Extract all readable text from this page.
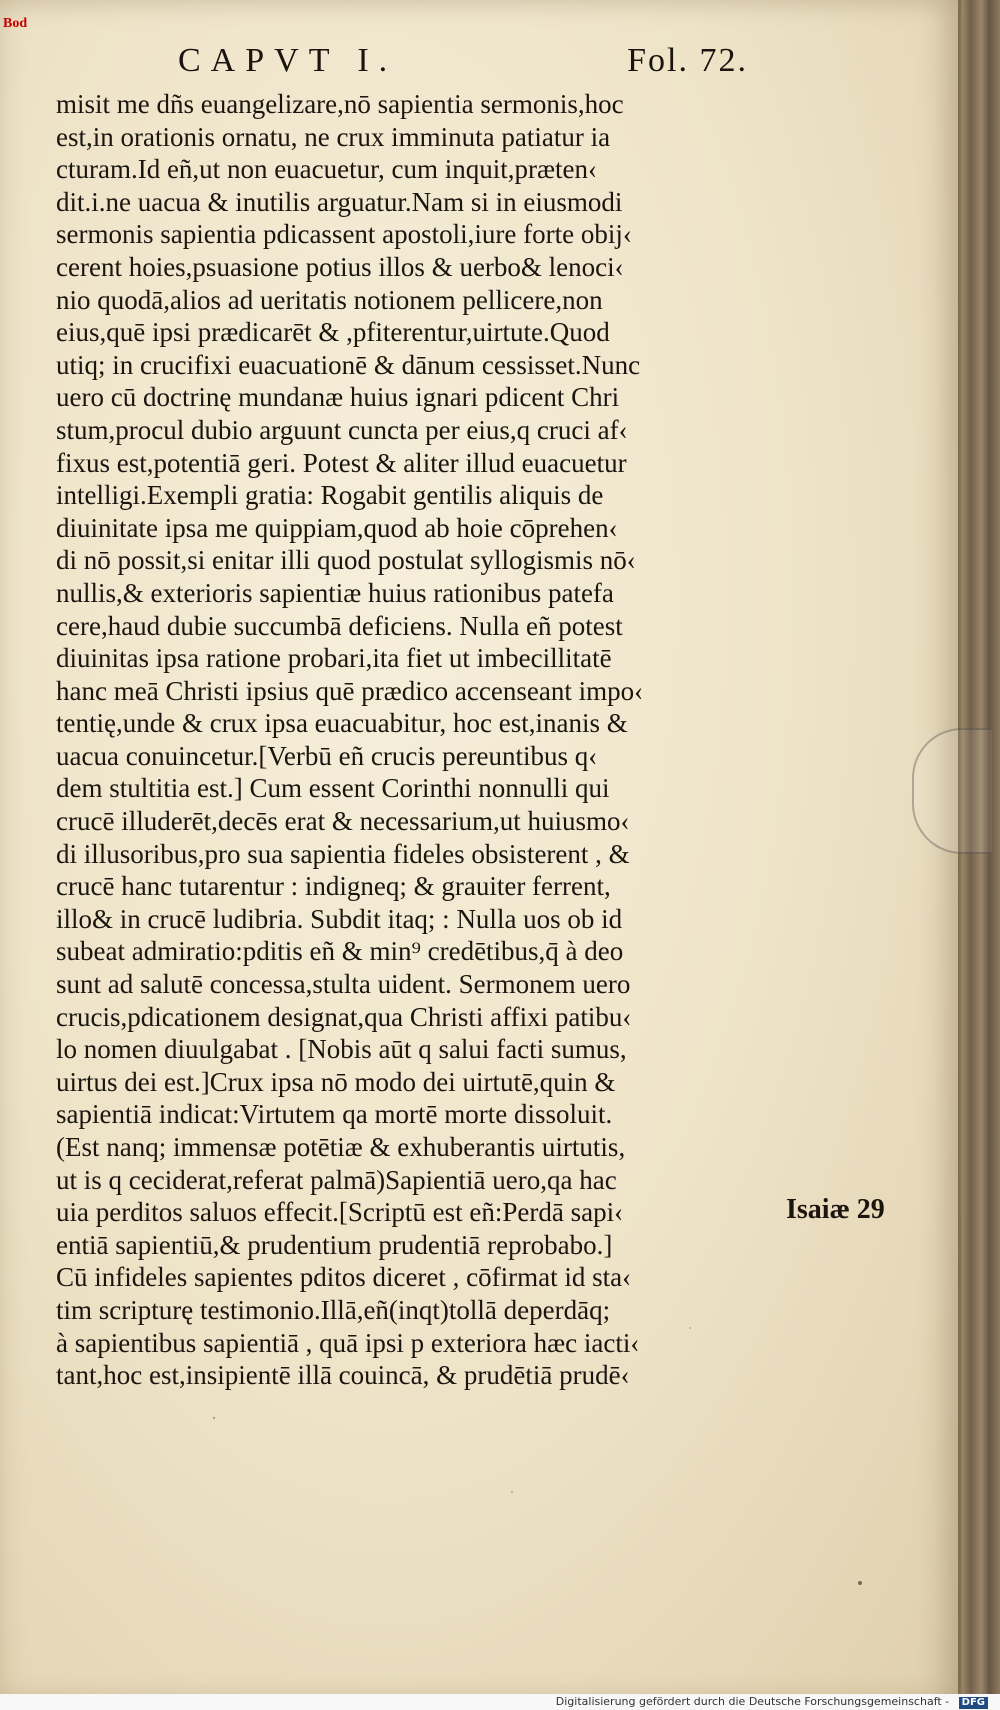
Bod
CAPVT I.	Fol. 72.
misit me dñs euangelizare,nō sapientia sermonis,hoc
est,in orationis ornatu, ne crux imminuta patiatur ia
cturam.Id eñ,ut non euacuetur, cum inquit,præten‹
dit.i.ne uacua & inutilis arguatur.Nam si in eiusmodi
sermonis sapientia pdicassent apostoli,iure forte obij‹
cerent hoies,psuasione potius illos & uerbo& lenoci‹
nio quodā,alios ad ueritatis notionem pellicere,non
eius,quē ipsi prædicarēt & ,pfiterentur,uirtute.Quod
utiq; in crucifixi euacuationē & dānum cessisset.Nunc
uero cū doctrinę mundanæ huius ignari pdicent Chri
stum,procul dubio arguunt cuncta per eius,q cruci af‹
fixus est,potentiā geri. Potest & aliter illud euacuetur
intelligi.Exempli gratia: Rogabit gentilis aliquis de
diuinitate ipsa me quippiam,quod ab hoie cōprehen‹
di nō possit,si enitar illi quod postulat syllogismis nō‹
nullis,& exterioris sapientiæ huius rationibus patefa
cere,haud dubie succumbā deficiens. Nulla eñ potest
diuinitas ipsa ratione probari,ita fiet ut imbecillitatē
hanc meā Christi ipsius quē prædico accenseant impo‹
tentię,unde & crux ipsa euacuabitur, hoc est,inanis &
uacua conuincetur.[Verbū eñ crucis pereuntibus q‹
dem stultitia est.] Cum essent Corinthi nonnulli qui
crucē illuderēt,decēs erat & necessarium,ut huiusmo‹
di illusoribus,pro sua sapientia fideles obsisterent , &
crucē hanc tutarentur : indigneq; & grauiter ferrent,
illo& in crucē ludibria. Subdit itaq; : Nulla uos ob id
subeat admiratio:pditis eñ & min⁹ credētibus,q̄ à deo
sunt ad salutē concessa,stulta uident. Sermonem uero
crucis,pdicationem designat,qua Christi affixi patibu‹
lo nomen diuulgabat . [Nobis aūt q salui facti sumus,
uirtus dei est.]Crux ipsa nō modo dei uirtutē,quin &
sapientiā indicat:Virtutem qa mortē morte dissoluit.
(Est nanq; immensæ potētiæ & exhuberantis uirtutis,
ut is q ceciderat,referat palmā)Sapientiā uero,qa hac
uia perditos saluos effecit.[Scriptū est eñ:Perdā sapi‹
entiā sapientiū,& prudentium prudentiā reprobabo.]
Cū infideles sapientes pditos diceret , cōfirmat id sta‹
tim scripturę testimonio.Illā,eñ(inqt)tollā deperdāq;
à sapientibus sapientiā , quā ipsi p exteriora hæc iacti‹
tant,hoc est,insipientē illā couincā, & prudētiā prudē‹
Isaiæ 29
Digitalisierung gefördert durch die Deutsche Forschungsgemeinschaft - DFG
